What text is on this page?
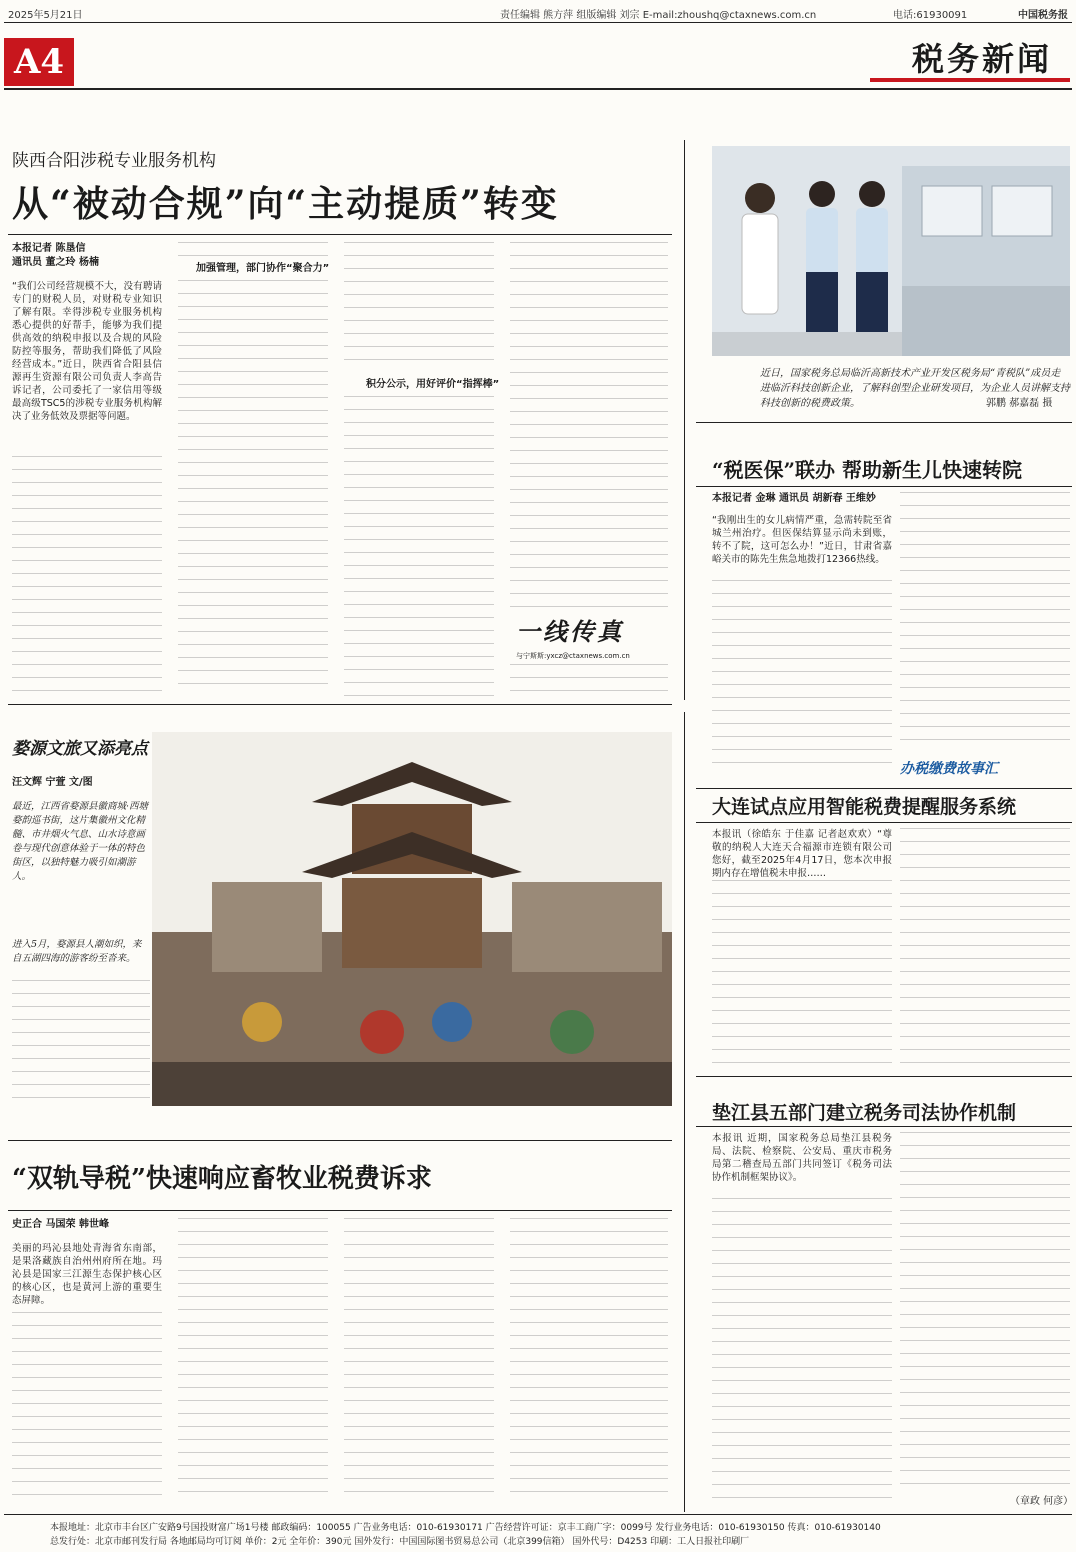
2025年5月21日	责任编辑 熊方萍 组版编辑 刘宗 E-mail:zhoushq@ctaxnews.com.cn	电话:61930091	中国税务报
A4	税务新闻
陕西合阳涉税专业服务机构
从“被动合规”向“主动提质”转变
本报记者 陈垦信
通讯员 董之玲 杨楠
“我们公司经营规模不大，没有聘请专门的财税人员，对财税专业知识了解有限。幸得涉税专业服务机构悉心提供的好帮手，能够为我们提供高效的纳税申报以及合规的风险防控等服务，帮助我们降低了风险经营成本。”近日，陕西省合阳县信源再生资源有限公司负责人李高告诉记者，公司委托了一家信用等级最高级TSC5的涉税专业服务机构解决了业务低效及票据等问题。
加强管理，部门协作“聚合力”
积分公示，用好评价“指挥棒”
一线传真
与宁斯斯:yxcz@ctaxnews.com.cn
近日，国家税务总局临沂高新技术产业开发区税务局“青税队”成员走进临沂科技创新企业，了解科创型企业研发项目，为企业人员讲解支持科技创新的税费政策。	郭鹏 郝嘉磊 摄
“税医保”联办 帮助新生儿快速转院
本报记者 金琳 通讯员 胡新春 王维妙
“我刚出生的女儿病情严重，急需转院至省城兰州治疗。但医保结算显示尚未到账，转不了院，这可怎么办！”近日，甘肃省嘉峪关市的陈先生焦急地拨打12366热线。
办税缴费故事汇
大连试点应用智能税费提醒服务系统
本报讯（徐皓东 于佳嘉 记者赵欢欢）“尊敬的纳税人大连天合福源市连锁有限公司您好，截至2025年4月17日，您本次申报期内存在增值税未申报……
垫江县五部门建立税务司法协作机制
本报讯 近期，国家税务总局垫江县税务局、法院、检察院、公安局、重庆市税务局第二稽查局五部门共同签订《税务司法协作机制框架协议》。
（章政 何彦）
婺源文旅又添亮点
汪文辉 宁萱 文/图
最近，江西省婺源县徽商城·西塘婺韵巡书街，这片集徽州文化精髓、市井烟火气息、山水诗意画卷与现代创意体验于一体的特色街区，以独特魅力吸引如潮游人。
进入5月，婺源县人潮如织，来自五湖四海的游客纷至沓来。
“双轨导税”快速响应畜牧业税费诉求
史正合 马国荣 韩世峰
美丽的玛沁县地处青海省东南部，是果洛藏族自治州州府所在地。玛沁县是国家三江源生态保护核心区的核心区，也是黄河上游的重要生态屏障。
本报地址：北京市丰台区广安路9号国投财富广场1号楼 邮政编码：100055 广告业务电话：010-61930171 广告经营许可证：京丰工商广字：0099号 发行业务电话：010-61930150 传真：010-61930140
总发行处：北京市邮刊发行局 各地邮局均可订阅 单价：2元 全年价：390元 国外发行：中国国际图书贸易总公司（北京399信箱） 国外代号：D4253 印刷：工人日报社印刷厂
